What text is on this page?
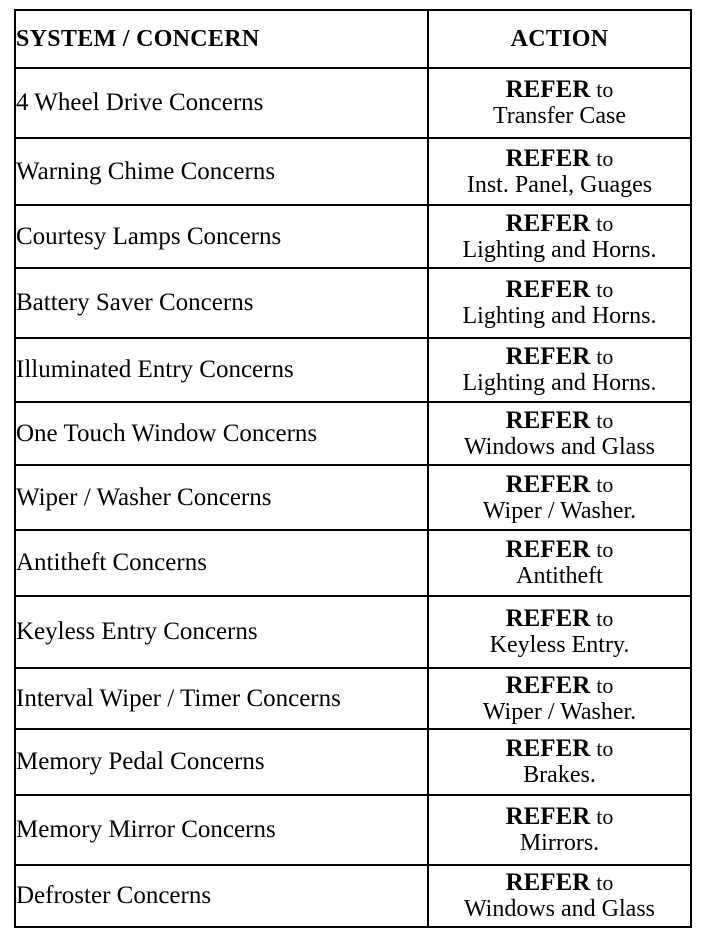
SYSTEM / CONCERN	ACTION
4 Wheel Drive Concerns	REFER to
Transfer Case

Warning Chime Concerns	REFER to
Inst. Panel, Guages

Courtesy Lamps Concerns	REFER to
Lighting and Horns.

Battery Saver Concerns	REFER to
Lighting and Horns.

Illuminated Entry Concerns	REFER to
Lighting and Horns.

One Touch Window Concerns	REFER to
Windows and Glass

Wiper / Washer Concerns	REFER to
Wiper / Washer.

Antitheft Concerns	REFER to
Antitheft

Keyless Entry Concerns	REFER to
Keyless Entry.

Interval Wiper / Timer Concerns	REFER to
Wiper / Washer.

Memory Pedal Concerns	REFER to
Brakes.

Memory Mirror Concerns	REFER to
Mirrors.

Defroster Concerns	REFER to
Windows and Glass
